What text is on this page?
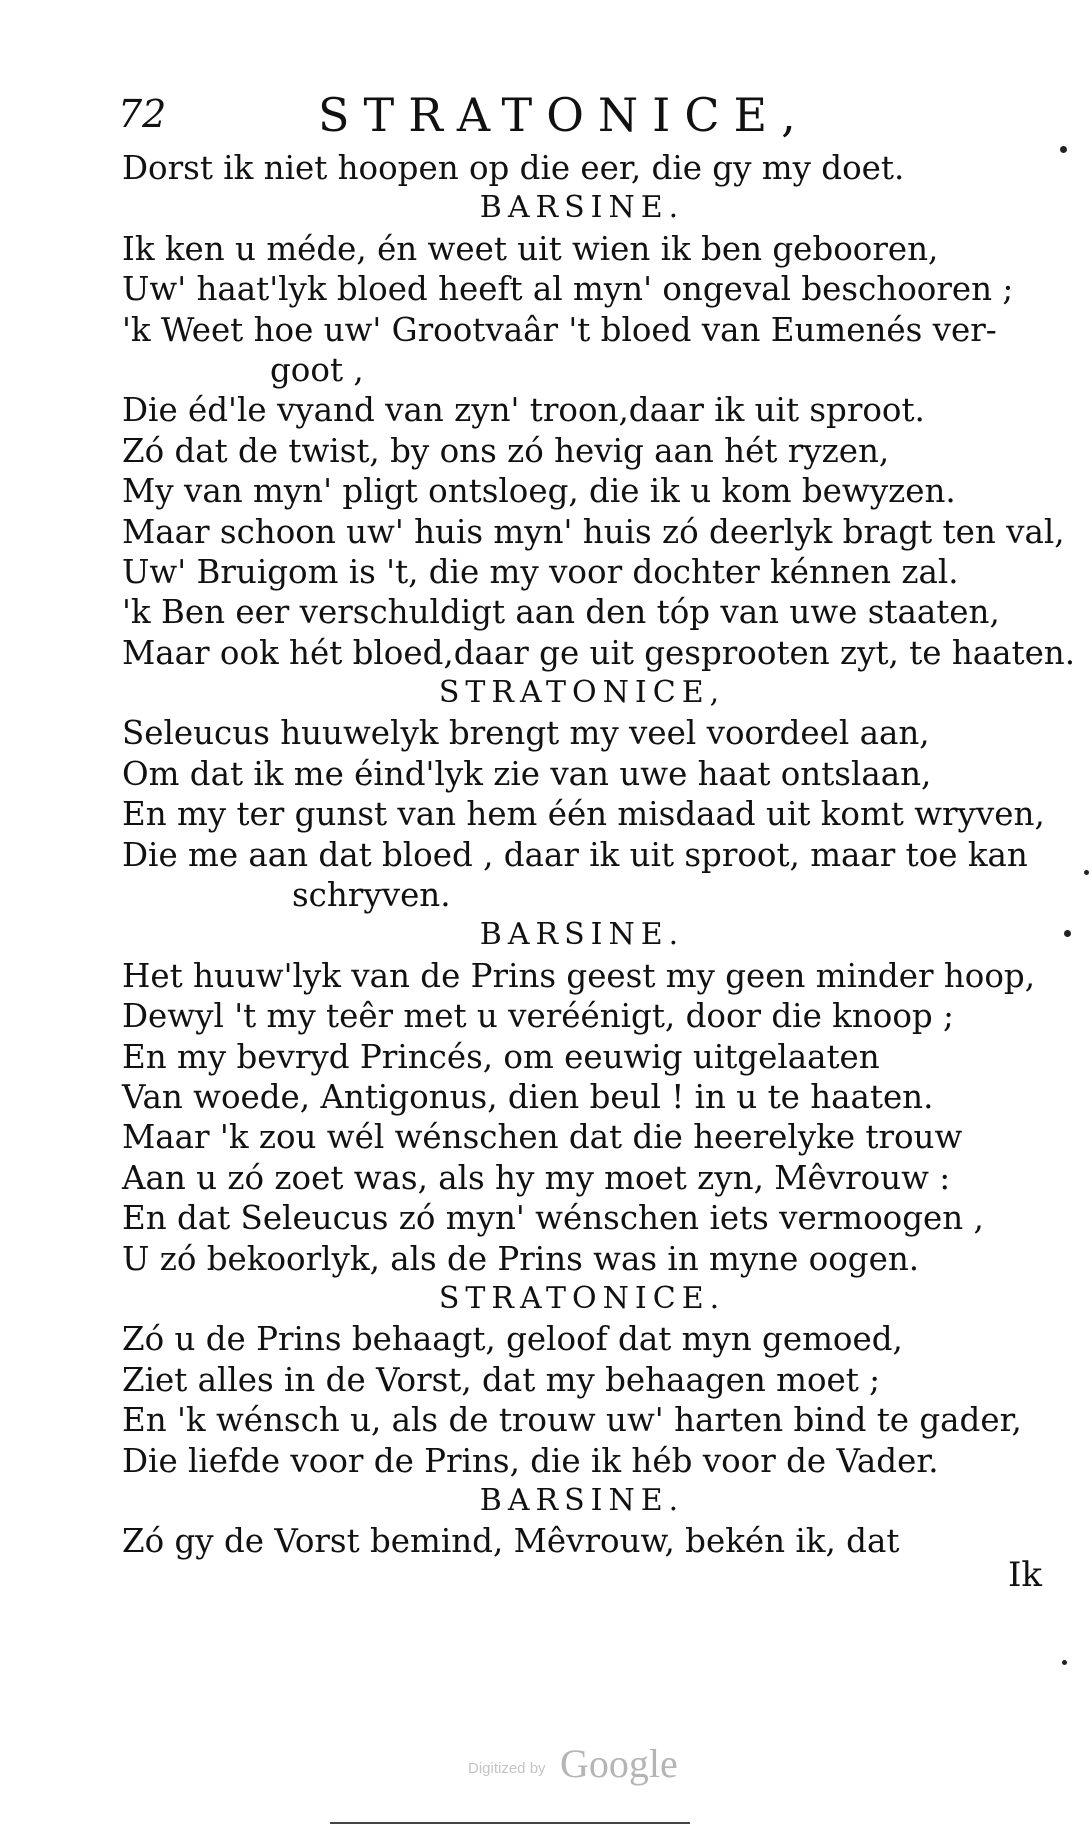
72	STRATONICE,
Dorst ik niet hoopen op die eer, die gy my doet.
BARSINE.
Ik ken u méde, én weet uit wien ik ben gebooren,
Uw' haat'lyk bloed heeft al myn' ongeval beschooren ;
'k Weet hoe uw' Grootvaâr 't bloed van Eumenés ver-
goot ,
Die éd'le vyand van zyn' troon,daar ik uit sproot.
Zó dat de twist, by ons zó hevig aan hét ryzen,
My van myn' pligt ontsloeg, die ik u kom bewyzen.
Maar schoon uw' huis myn' huis zó deerlyk bragt ten val,
Uw' Bruigom is 't, die my voor dochter kénnen zal.
'k Ben eer verschuldigt aan den tóp van uwe staaten,
Maar ook hét bloed,daar ge uit gesprooten zyt, te haaten.
STRATONICE,
Seleucus huuwelyk brengt my veel voordeel aan,
Om dat ik me éind'lyk zie van uwe haat ontslaan,
En my ter gunst van hem één misdaad uit komt wryven,
Die me aan dat bloed , daar ik uit sproot, maar toe kan
schryven.
BARSINE.
Het huuw'lyk van de Prins geest my geen minder hoop,
Dewyl 't my teêr met u veréénigt, door die knoop ;
En my bevryd Princés, om eeuwig uitgelaaten
Van woede, Antigonus, dien beul ! in u te haaten.
Maar 'k zou wél wénschen dat die heerelyke trouw
Aan u zó zoet was, als hy my moet zyn, Mêvrouw :
En dat Seleucus zó myn' wénschen iets vermoogen ,
U zó bekoorlyk, als de Prins was in myne oogen.
STRATONICE.
Zó u de Prins behaagt, geloof dat myn gemoed,
Ziet alles in de Vorst, dat my behaagen moet ;
En 'k wénsch u, als de trouw uw' harten bind te gader,
Die liefde voor de Prins, die ik héb voor de Vader.
BARSINE.
Zó gy de Vorst bemind, Mêvrouw, bekén ik, dat
Ik
Digitized by Google
